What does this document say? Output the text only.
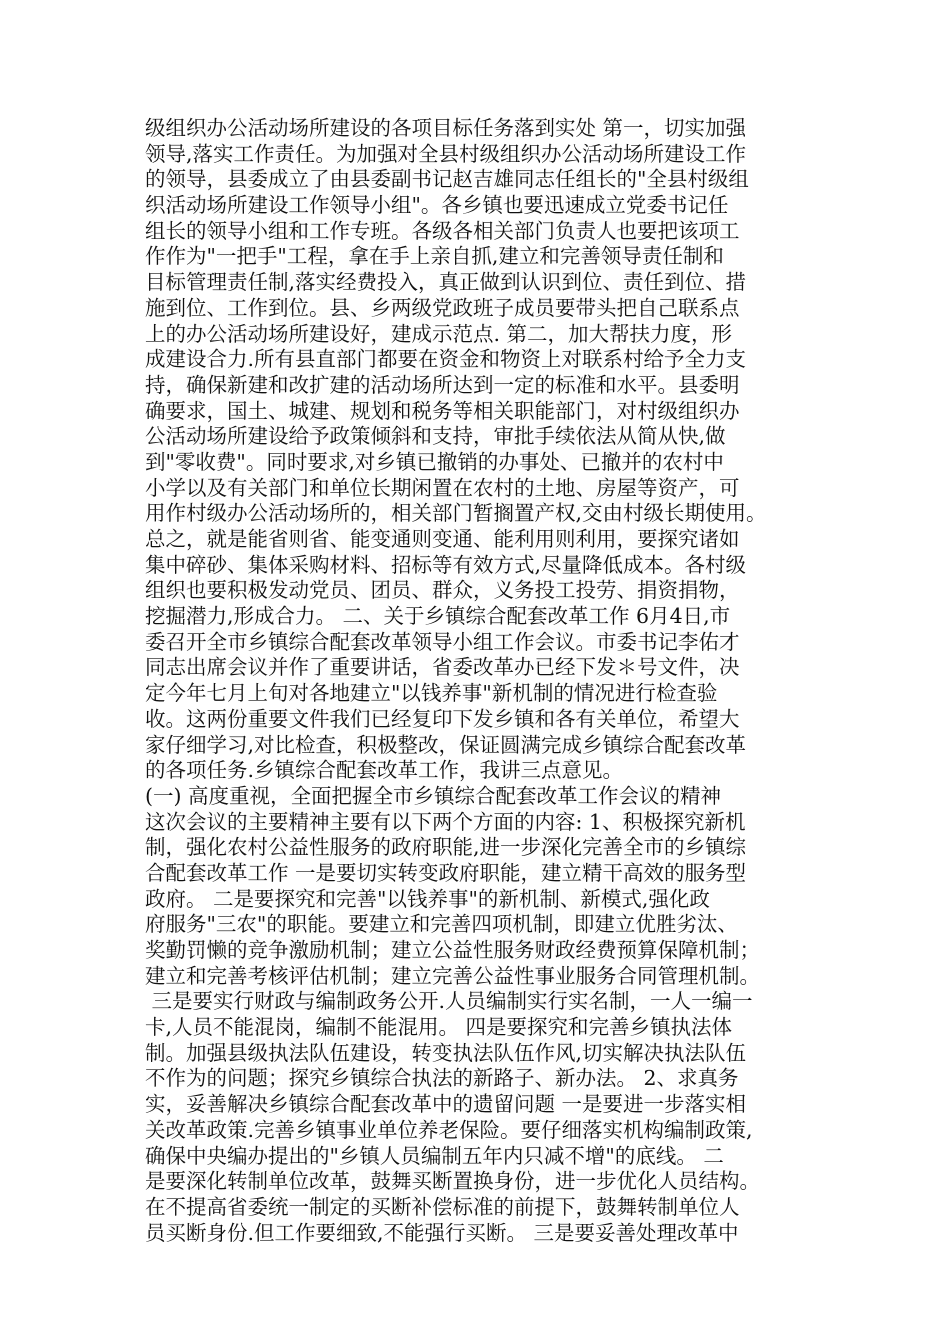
级组织办公活动场所建设的各项目标任务落到实处 第一，切实加强
领导,落实工作责任。为加强对全县村级组织办公活动场所建设工作
的领导，县委成立了由县委副书记赵吉雄同志任组长的"全县村级组
织活动场所建设工作领导小组"。各乡镇也要迅速成立党委书记任
组长的领导小组和工作专班。各级各相关部门负责人也要把该项工
作作为"一把手"工程，拿在手上亲自抓,建立和完善领导责任制和
目标管理责任制,落实经费投入，真正做到认识到位、责任到位、措
施到位、工作到位。县、乡两级党政班子成员要带头把自己联系点
上的办公活动场所建设好，建成示范点. 第二，加大帮扶力度，形
成建设合力.所有县直部门都要在资金和物资上对联系村给予全力支
持，确保新建和改扩建的活动场所达到一定的标准和水平。县委明
确要求，国土、城建、规划和税务等相关职能部门，对村级组织办
公活动场所建设给予政策倾斜和支持，审批手续依法从简从快,做
到"零收费"。同时要求,对乡镇已撤销的办事处、已撤并的农村中
小学以及有关部门和单位长期闲置在农村的土地、房屋等资产，可
用作村级办公活动场所的，相关部门暂搁置产权,交由村级长期使用。
总之，就是能省则省、能变通则变通、能利用则利用，要探究诸如
集中碎砂、集体采购材料、招标等有效方式,尽量降低成本。各村级
组织也要积极发动党员、团员、群众，义务投工投劳、捐资捐物，
挖掘潜力,形成合力。 二、关于乡镇综合配套改革工作 6月4日,市
委召开全市乡镇综合配套改革领导小组工作会议。市委书记李佑才
同志出席会议并作了重要讲话，省委改革办已经下发＊号文件，决
定今年七月上旬对各地建立"以钱养事"新机制的情况进行检查验
收。这两份重要文件我们已经复印下发乡镇和各有关单位，希望大
家仔细学习,对比检查，积极整改，保证圆满完成乡镇综合配套改革
的各项任务.乡镇综合配套改革工作，我讲三点意见。
(一) 高度重视，全面把握全市乡镇综合配套改革工作会议的精神
这次会议的主要精神主要有以下两个方面的内容: 1、积极探究新机
制，强化农村公益性服务的政府职能,进一步深化完善全市的乡镇综
合配套改革工作 一是要切实转变政府职能，建立精干高效的服务型
政府。 二是要探究和完善"以钱养事"的新机制、新模式,强化政
府服务"三农"的职能。要建立和完善四项机制，即建立优胜劣汰、
奖勤罚懒的竞争激励机制；建立公益性服务财政经费预算保障机制；
建立和完善考核评估机制；建立完善公益性事业服务合同管理机制。
三是要实行财政与编制政务公开.人员编制实行实名制，一人一编一
卡,人员不能混岗，编制不能混用。 四是要探究和完善乡镇执法体
制。加强县级执法队伍建设，转变执法队伍作风,切实解决执法队伍
不作为的问题；探究乡镇综合执法的新路子、新办法。 2、求真务
实，妥善解决乡镇综合配套改革中的遗留问题 一是要进一步落实相
关改革政策.完善乡镇事业单位养老保险。要仔细落实机构编制政策,
确保中央编办提出的"乡镇人员编制五年内只减不增"的底线。 二
是要深化转制单位改革，鼓舞买断置换身份，进一步优化人员结构。
在不提高省委统一制定的买断补偿标准的前提下，鼓舞转制单位人
员买断身份.但工作要细致,不能强行买断。 三是要妥善处理改革中
